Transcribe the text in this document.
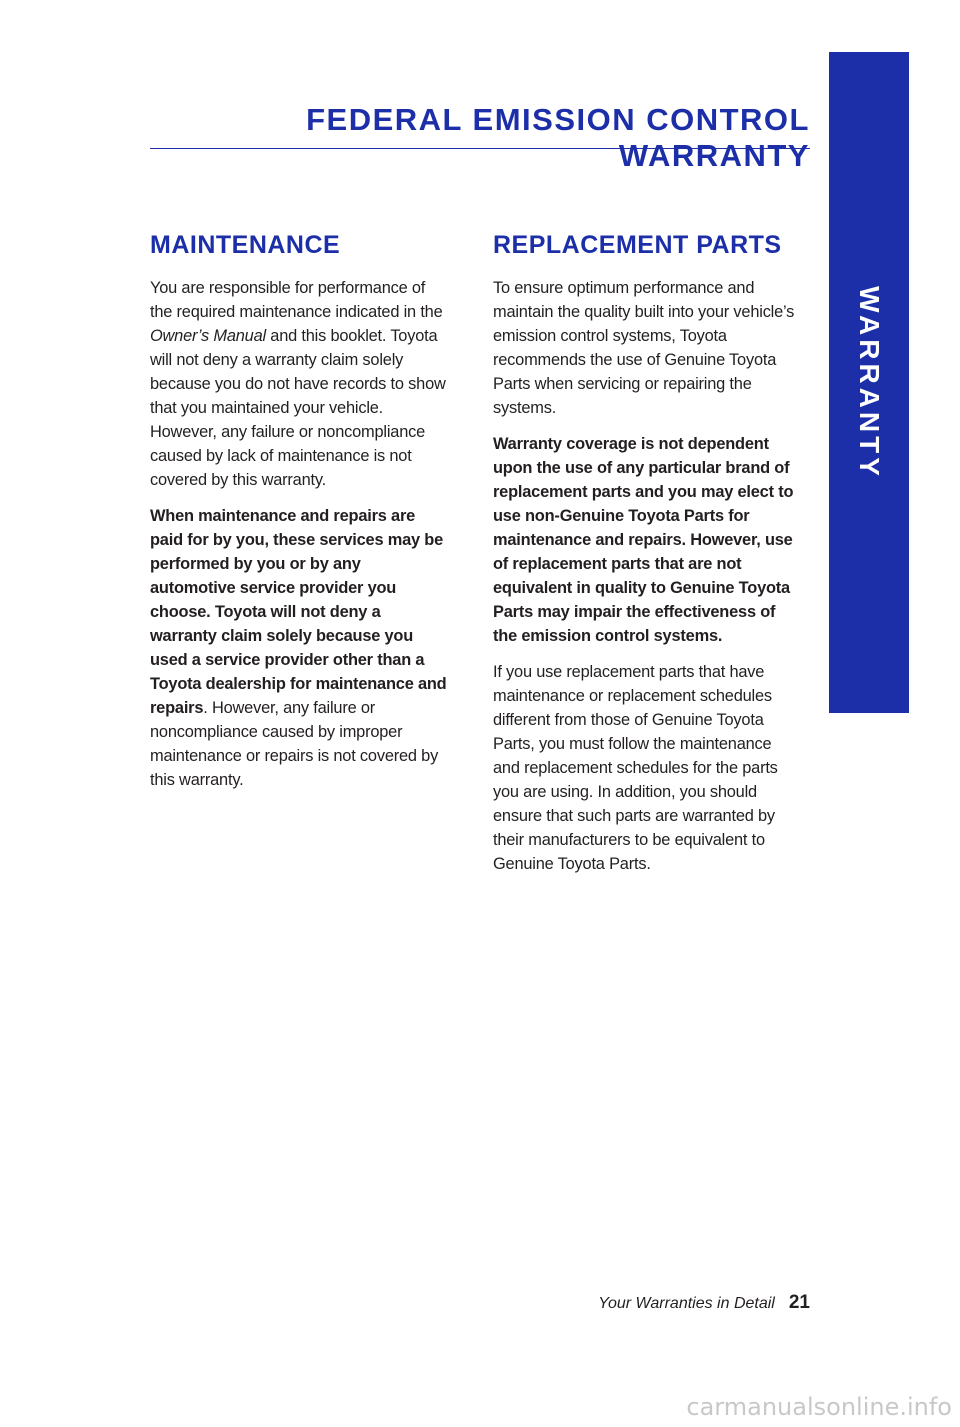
FEDERAL EMISSION CONTROL WARRANTY
WARRANTY
MAINTENANCE

You are responsible for performance of the required maintenance indicated in the Owner’s Manual and this booklet. Toyota will not deny a warranty claim solely because you do not have records to show that you maintained your vehicle. However, any failure or noncompliance caused by lack of maintenance is not covered by this warranty.

When maintenance and repairs are paid for by you, these services may be performed by you or by any automotive service provider you choose. Toyota will not deny a warranty claim solely because you used a service provider other than a Toyota dealership for maintenance and repairs. However, any failure or noncompliance caused by improper maintenance or repairs is not covered by this warranty.

REPLACEMENT PARTS

To ensure optimum performance and maintain the quality built into your vehicle’s emission control systems, Toyota recommends the use of Genuine Toyota Parts when servicing or repairing the systems.

Warranty coverage is not dependent upon the use of any particular brand of replacement parts and you may elect to use non-Genuine Toyota Parts for maintenance and repairs. However, use of replacement parts that are not equivalent in quality to Genuine Toyota Parts may impair the effectiveness of the emission control systems.

If you use replacement parts that have maintenance or replacement schedules different from those of Genuine Toyota Parts, you must follow the maintenance and replacement schedules for the parts you are using. In addition, you should ensure that such parts are warranted by their manufacturers to be equivalent to Genuine Toyota Parts.

Your Warranties in Detail 21
carmanualsonline.info
